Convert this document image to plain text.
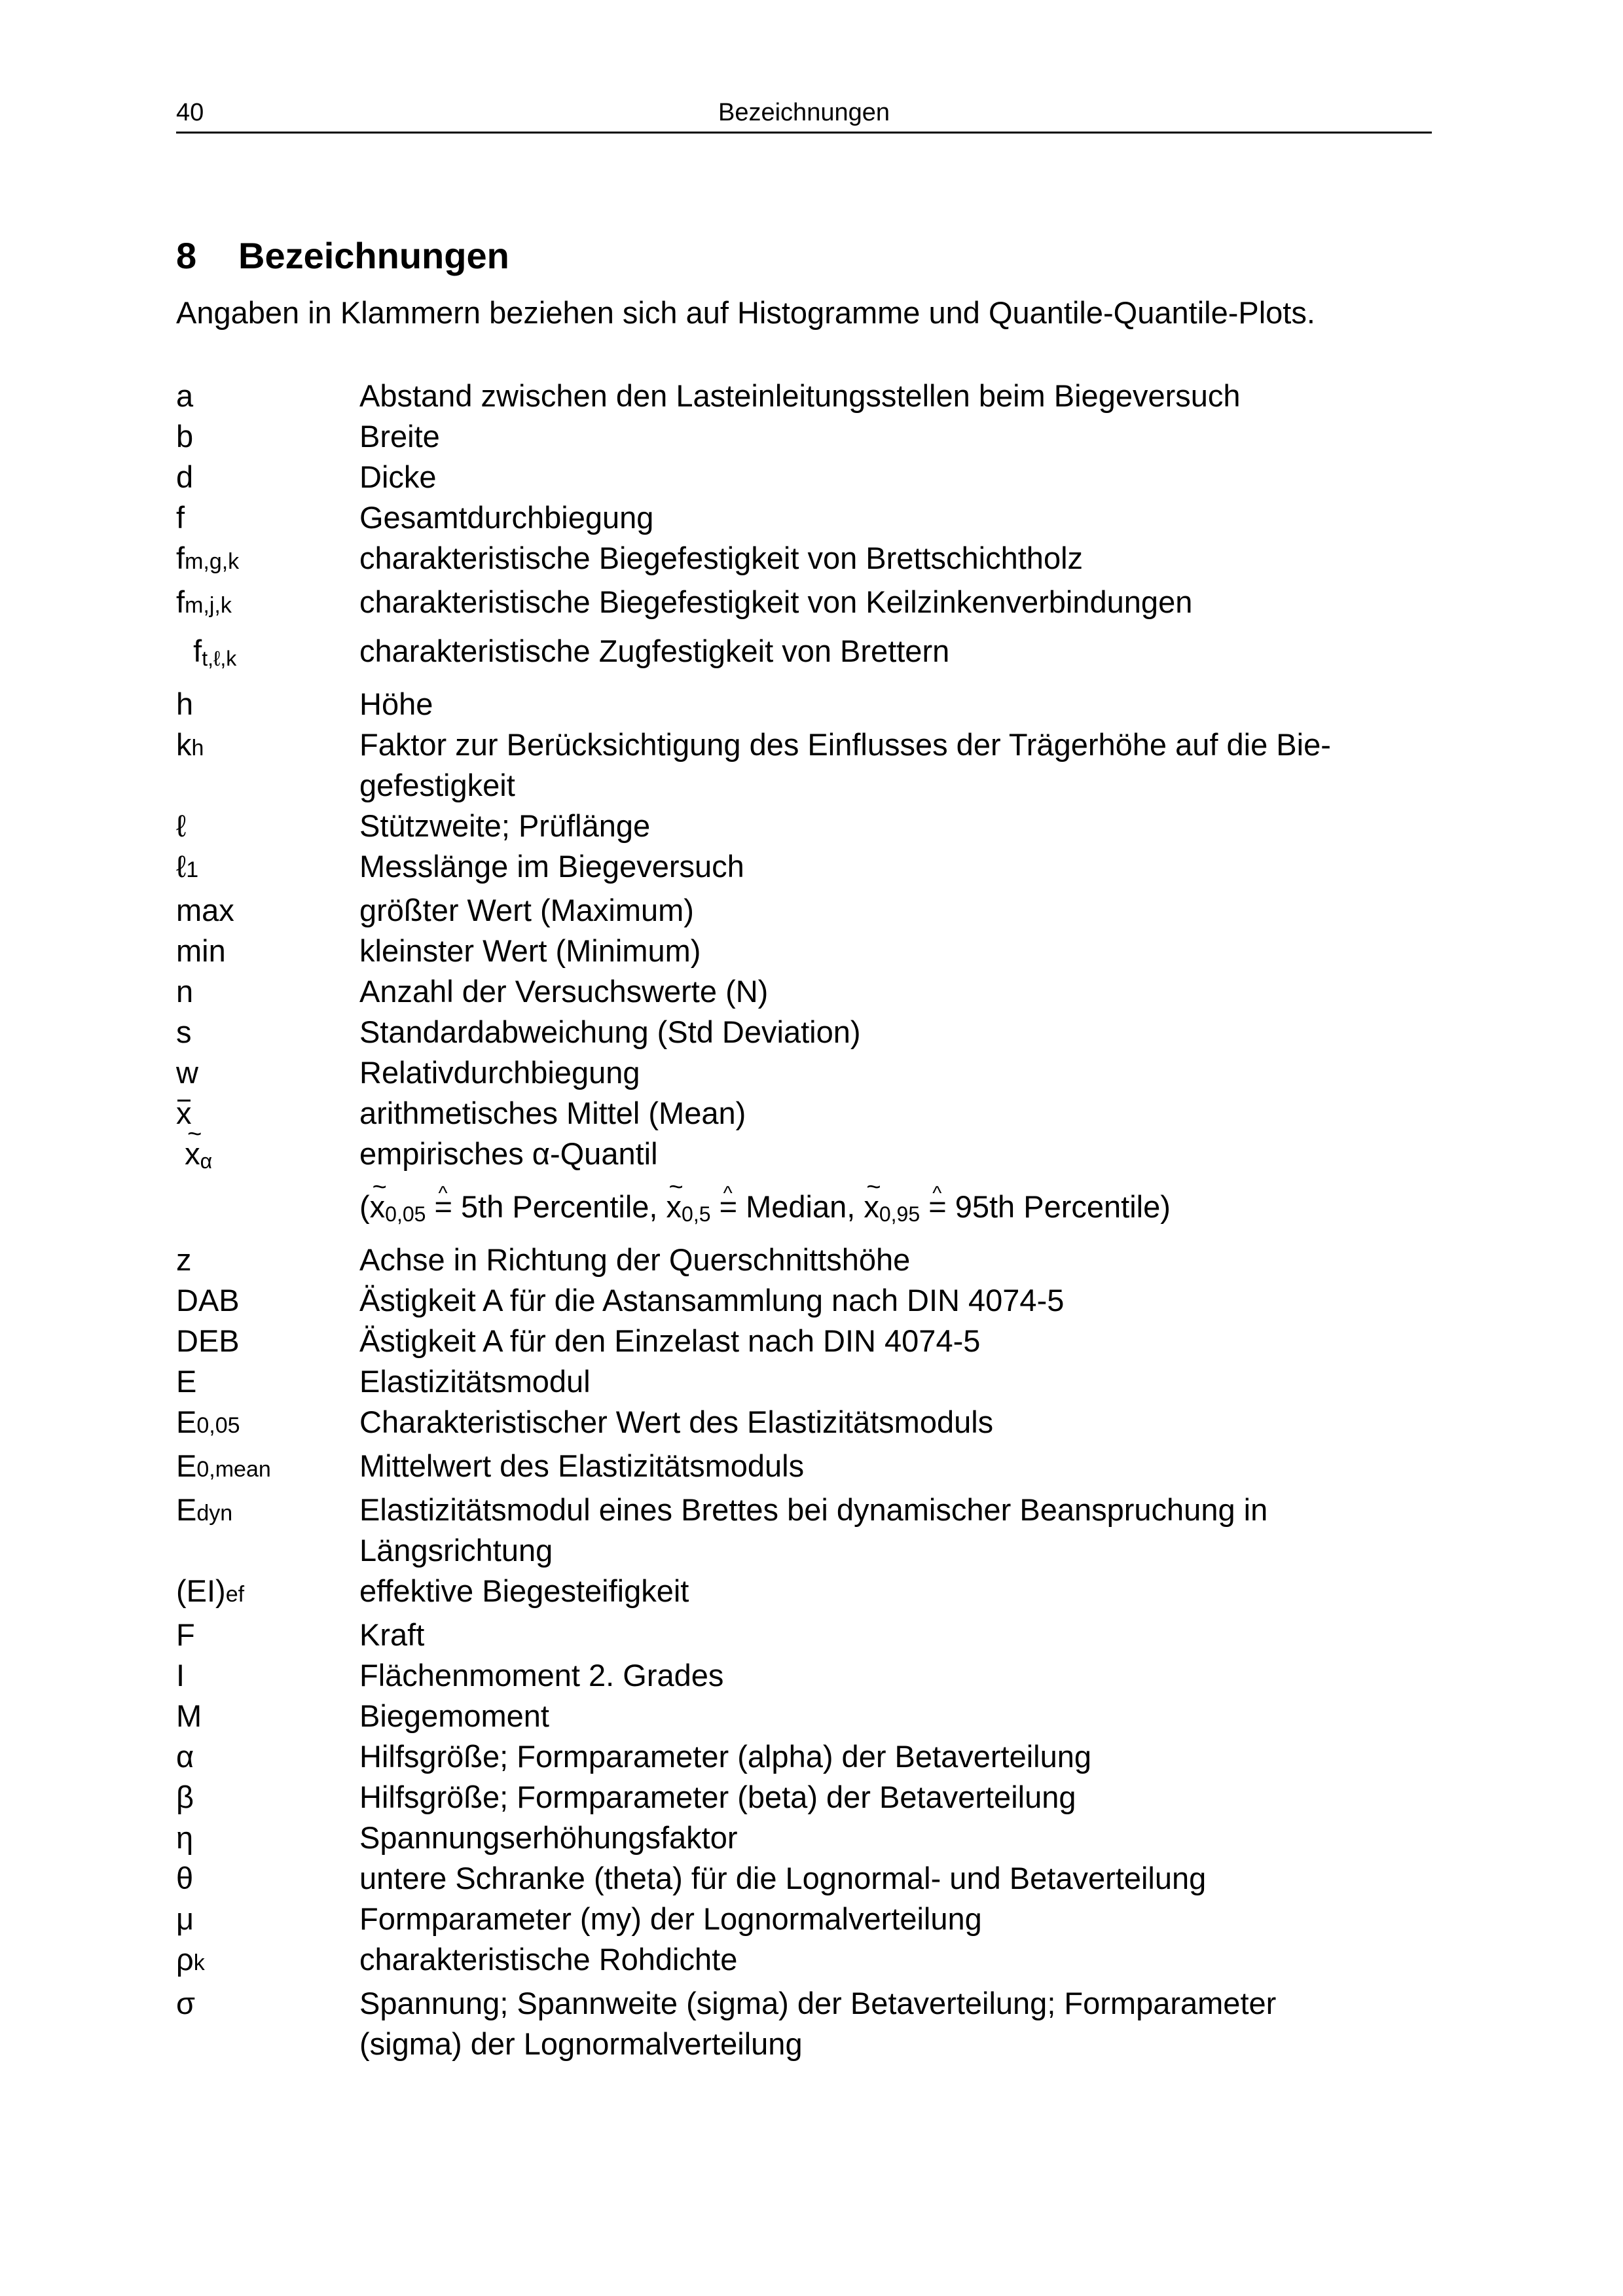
40	Bezeichnungen
8 Bezeichnungen
Angaben in Klammern beziehen sich auf Histogramme und Quantile-Quantile-Plots.
a	Abstand zwischen den Lasteinleitungsstellen beim Biegeversuch
b	Breite
d	Dicke
f	Gesamtdurchbiegung
fm,g,k	charakteristische Biegefestigkeit von Brettschichtholz
fm,j,k	charakteristische Biegefestigkeit von Keilzinkenverbindungen
ft,ℓ,k	charakteristische Zugfestigkeit von Brettern
h	Höhe
kh	Faktor zur Berücksichtigung des Einflusses der Trägerhöhe auf die Bie-
gefestigkeit
ℓ	Stützweite; Prüflänge
ℓ1	Messlänge im Biegeversuch
max	größter Wert (Maximum)
min	kleinster Wert (Minimum)
n	Anzahl der Versuchswerte (N)
s	Standardabweichung (Std Deviation)
w	Relativdurchbiegung
x	arithmetisches Mittel (Mean)
~ xα	empirisches α-Quantil
(~ x0,05 ^ = 5th Percentile, ~ x0,5 ^ = Median, ~ x0,95 ^ = 95th Percentile)
z	Achse in Richtung der Querschnittshöhe
DAB	Ästigkeit A für die Astansammlung nach DIN 4074-5
DEB	Ästigkeit A für den Einzelast nach DIN 4074-5
E	Elastizitätsmodul
E0,05	Charakteristischer Wert des Elastizitätsmoduls
E0,mean	Mittelwert des Elastizitätsmoduls
Edyn	Elastizitätsmodul eines Brettes bei dynamischer Beanspruchung in
Längsrichtung
(EI)ef	effektive Biegesteifigkeit
F	Kraft
I	Flächenmoment 2. Grades
M	Biegemoment
α	Hilfsgröße; Formparameter (alpha) der Betaverteilung
β	Hilfsgröße; Formparameter (beta) der Betaverteilung
η	Spannungserhöhungsfaktor
θ	untere Schranke (theta) für die Lognormal- und Betaverteilung
μ	Formparameter (my) der Lognormalverteilung
ρk	charakteristische Rohdichte
σ	Spannung; Spannweite (sigma) der Betaverteilung; Formparameter
(sigma) der Lognormalverteilung
